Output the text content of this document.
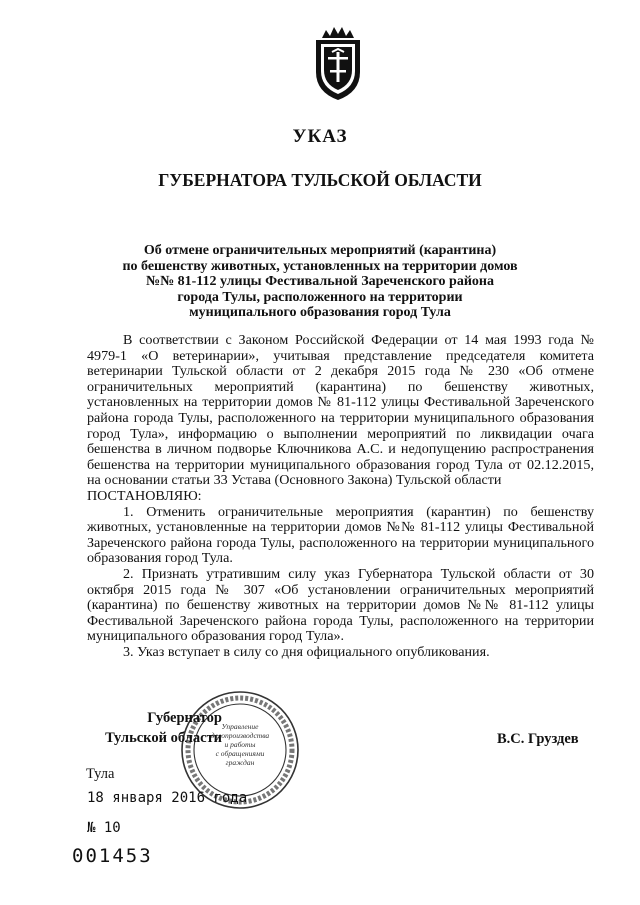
УКАЗ
ГУБЕРНАТОРА ТУЛЬСКОЙ ОБЛАСТИ
Об отмене ограничительных мероприятий (карантина)
по бешенству животных, установленных на территории домов
№№ 81-112 улицы Фестивальной Зареченского района
города Тулы, расположенного на территории
муниципального образования город Тула

В соответствии с Законом Российской Федерации от 14 мая 1993 года № 4979-1 «О ветеринарии», учитывая представление председателя комитета ветеринарии Тульской области от 2 декабря 2015 года № 230 «Об отмене ограничительных мероприятий (карантина) по бешенству животных, установленных на территории домов № 81-112 улицы Фестивальной Зареченского района города Тулы, расположенного на территории муниципального образования город Тула», информацию о выполнении мероприятий по ликвидации очага бешенства в личном подворье Ключникова А.С. и недопущению распространения бешенства на территории муниципального образования город Тула от 02.12.2015, на основании статьи 33 Устава (Основного Закона) Тульской области

ПОСТАНОВЛЯЮ:

1. Отменить ограничительные мероприятия (карантин) по бешенству животных, установленные на территории домов №№ 81-112 улицы Фестивальной Зареченского района города Тулы, расположенного на территории муниципального образования город Тула.

2. Признать утратившим силу указ Губернатора Тульской области от 30 октября 2015 года № 307 «Об установлении ограничительных мероприятий (карантина) по бешенству животных на территории домов №№ 81-112 улицы Фестивальной Зареченского района города Тулы, расположенного на территории муниципального образования город Тула».

3. Указ вступает в силу со дня официального опубликования.

Управление
делопроизводства
и работы
с обращениями
граждан
Губернатор
Тульской области	В.С. Груздев
Тула
18 января 2016 года
№ 10
001453
